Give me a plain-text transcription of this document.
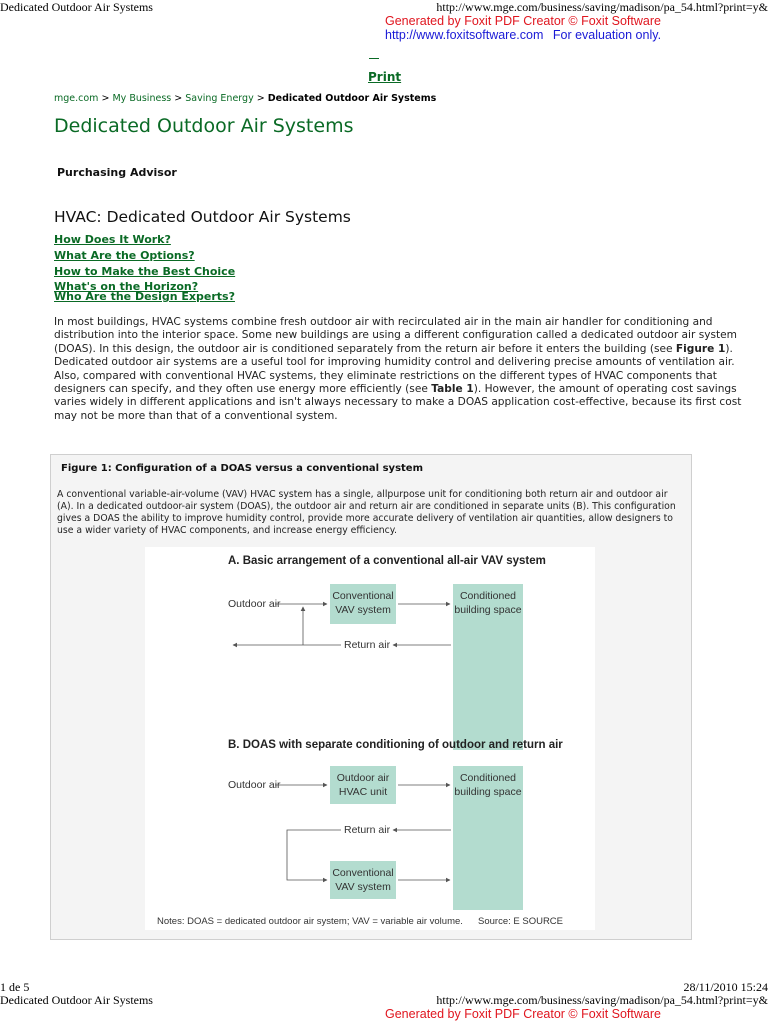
Dedicated Outdoor Air Systems	http://www.mge.com/business/saving/madison/pa_54.html?print=y&
Generated by Foxit PDF Creator © Foxit Software
http://www.foxitsoftware.com For evaluation only.
Print
mge.com > My Business > Saving Energy > Dedicated Outdoor Air Systems
Dedicated Outdoor Air Systems
Purchasing Advisor
HVAC: Dedicated Outdoor Air Systems
How Does It Work?
What Are the Options?
How to Make the Best Choice
What's on the Horizon?
Who Are the Design Experts?
In most buildings, HVAC systems combine fresh outdoor air with recirculated air in the main air handler for conditioning and distribution into the interior space. Some new buildings are using a different configuration called a dedicated outdoor air system (DOAS). In this design, the outdoor air is conditioned separately from the return air before it enters the building (see Figure 1). Dedicated outdoor air systems are a useful tool for improving humidity control and delivering precise amounts of ventilation air. Also, compared with conventional HVAC systems, they eliminate restrictions on the different types of HVAC components that designers can specify, and they often use energy more efficiently (see Table 1). However, the amount of operating cost savings varies widely in different applications and isn't always necessary to make a DOAS application cost-effective, because its first cost may not be more than that of a conventional system.
Figure 1: Configuration of a DOAS versus a conventional system
A conventional variable-air-volume (VAV) HVAC system has a single, allpurpose unit for conditioning both return air and outdoor air (A). In a dedicated outdoor-air system (DOAS), the outdoor air and return air are conditioned in separate units (B). This configuration gives a DOAS the ability to improve humidity control, provide more accurate delivery of ventilation air quantities, allow designers to use a wider variety of HVAC components, and increase energy efficiency.
A. Basic arrangement of a conventional all-air VAV system
Conventional
VAV system
Conditioned
building space
Outdoor air
Return air
B. DOAS with separate conditioning of outdoor and return air
Outdoor air
HVAC unit
Conditioned
building space
Outdoor air
Return air
Conventional
VAV system
Notes: DOAS = dedicated outdoor air system; VAV = variable air volume. Source: E SOURCE
1 de 5	28/11/2010 15:24
Dedicated Outdoor Air Systems	http://www.mge.com/business/saving/madison/pa_54.html?print=y&
Generated by Foxit PDF Creator © Foxit Software
